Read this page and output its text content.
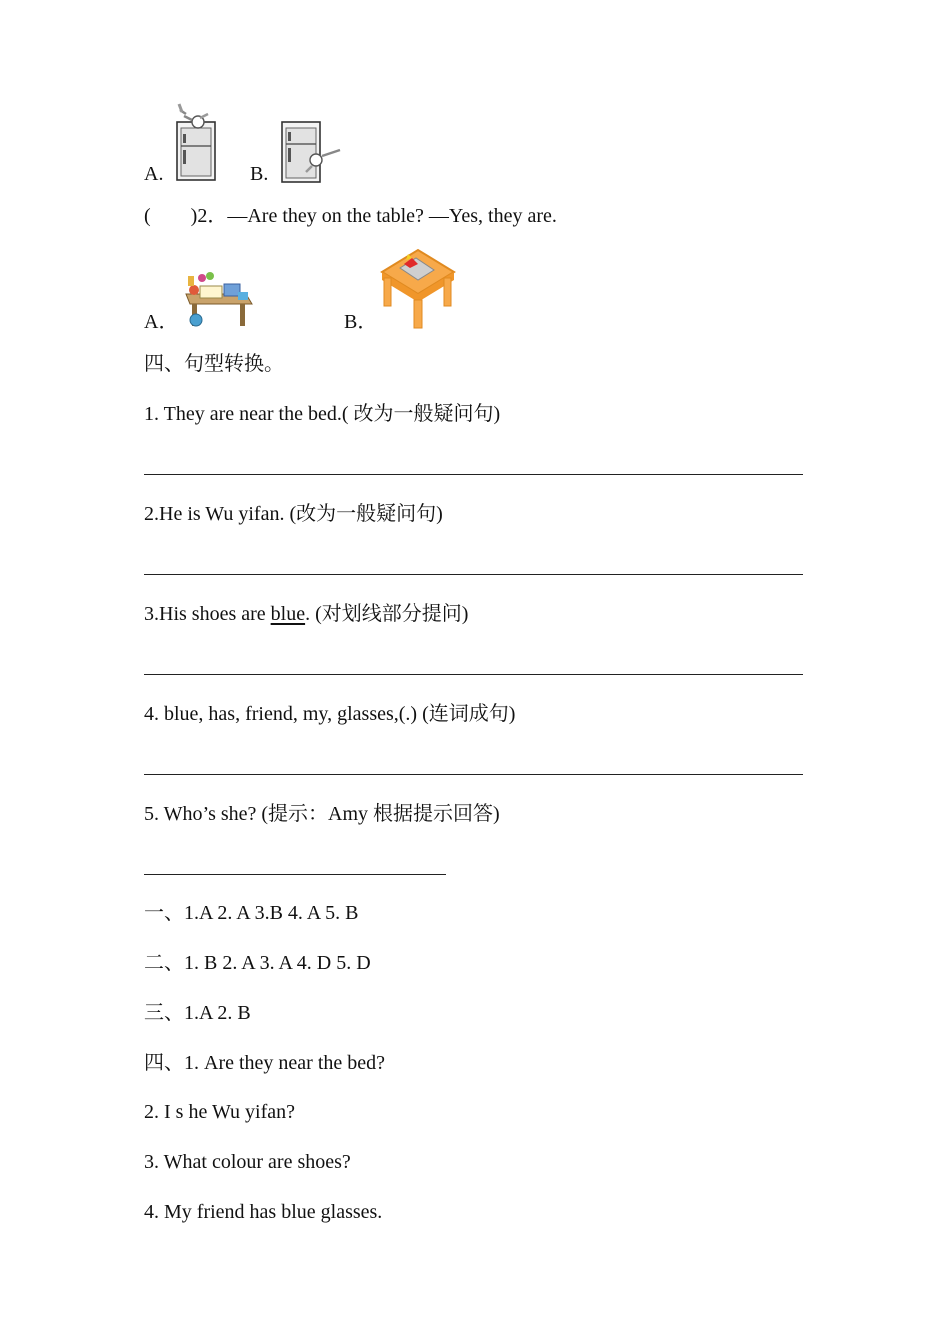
A.	B.
( )2．—Are they on the table? —Yes, they are.
A．	B．
四、句型转换。
1. They are near the bed.( 改为一般疑问句)
2.He is Wu yifan. (改为一般疑问句)
3.His shoes are blue. (对划线部分提问)
4. blue, has, friend, my, glasses,(.) (连词成句)
5. Who’s she? (提示：Amy 根据提示回答)
一、1.A 2. A 3.B 4. A 5. B
二、1. B 2. A 3. A 4. D 5. D
三、1.A 2. B
四、1. Are they near the bed?
2. I s he Wu yifan?
3. What colour are shoes?
4. My friend has blue glasses.
